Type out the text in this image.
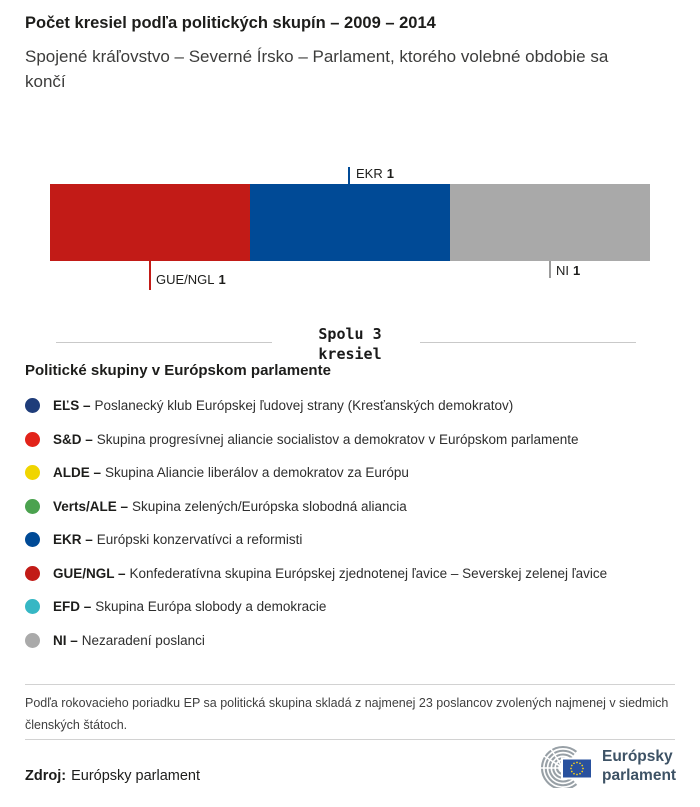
Počet kresiel podľa politických skupín – 2009 – 2014
Spojené kráľovstvo – Severné Írsko – Parlament, ktorého volebné obdobie sa končí
EKR 1
GUE/NGL 1
NI 1
Spolu 3
kresiel
Politické skupiny v Európskom parlamente
EĽS – Poslanecký klub Európskej ľudovej strany (Kresťanských demokratov)
S&D – Skupina progresívnej aliancie socialistov a demokratov v Európskom parlamente
ALDE – Skupina Aliancie liberálov a demokratov za Európu
Verts/ALE – Skupina zelených/Európska slobodná aliancia
EKR – Európski konzervatívci a reformisti
GUE/NGL – Konfederatívna skupina Európskej zjednotenej ľavice – Severskej zelenej ľavice
EFD – Skupina Európa slobody a demokracie
NI – Nezaradení poslanci
Podľa rokovacieho poriadku EP sa politická skupina skladá z najmenej 23 poslancov zvolených najmenej v siedmich členských štátoch.
Zdroj: Európsky parlament
Európsky
parlament
